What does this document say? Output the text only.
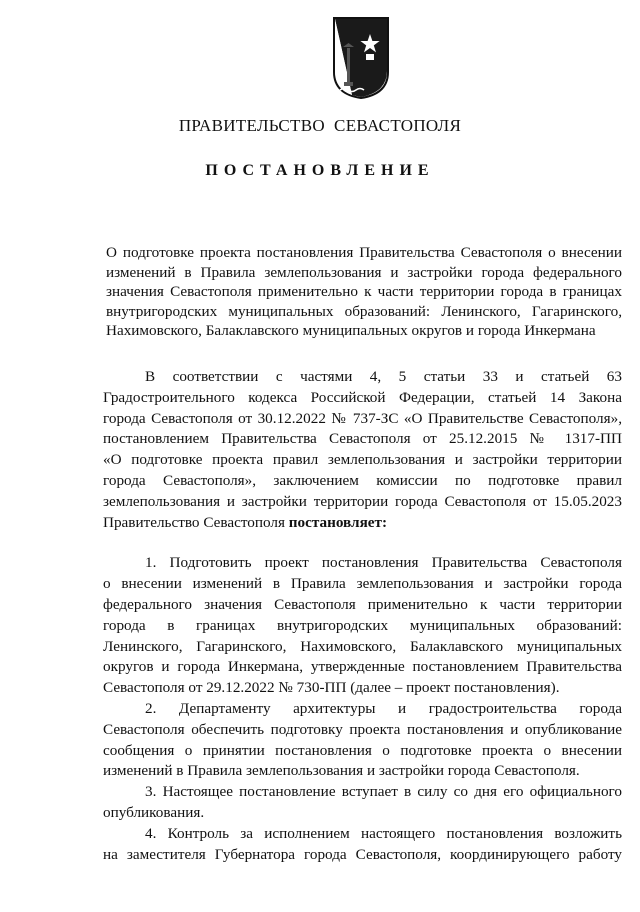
ПРАВИТЕЛЬСТВО  СЕВАСТОПОЛЯ
ПОСТАНОВЛЕНИЕ
О подготовке проекта постановления Правительства Севастополя о внесении
изменений в Правила землепользования и застройки города федерального
значения Севастополя применительно к части территории города в границах
внутригородских муниципальных образований: Ленинского, Гагаринского,
Нахимовского, Балаклавского муниципальных округов и города Инкермана
В соответствии с частями 4, 5 статьи 33 и статьей 63
Градостроительного кодекса Российской Федерации, статьей 14 Закона
города Севастополя от 30.12.2022 № 737-ЗС «О Правительстве Севастополя»,
постановлением Правительства Севастополя от 25.12.2015 № 1317-ПП
«О подготовке проекта правил землепользования и застройки территории
города Севастополя», заключением комиссии по подготовке правил
землепользования и застройки территории города Севастополя от 15.05.2023
Правительство Севастополя постановляет:
1. Подготовить проект постановления Правительства Севастополя
о внесении изменений в Правила землепользования и застройки города
федерального значения Севастополя применительно к части территории
города в границах внутригородских муниципальных образований:
Ленинского, Гагаринского, Нахимовского, Балаклавского муниципальных
округов и города Инкермана, утвержденные постановлением Правительства
Севастополя от 29.12.2022 № 730-ПП (далее – проект постановления).
2. Департаменту архитектуры и градостроительства города
Севастополя обеспечить подготовку проекта постановления и опубликование
сообщения о принятии постановления о подготовке проекта о внесении
изменений в Правила землепользования и застройки города Севастополя.
3. Настоящее постановление вступает в силу со дня его официального
опубликования.
4. Контроль за исполнением настоящего постановления возложить
на заместителя Губернатора города Севастополя, координирующего работу
